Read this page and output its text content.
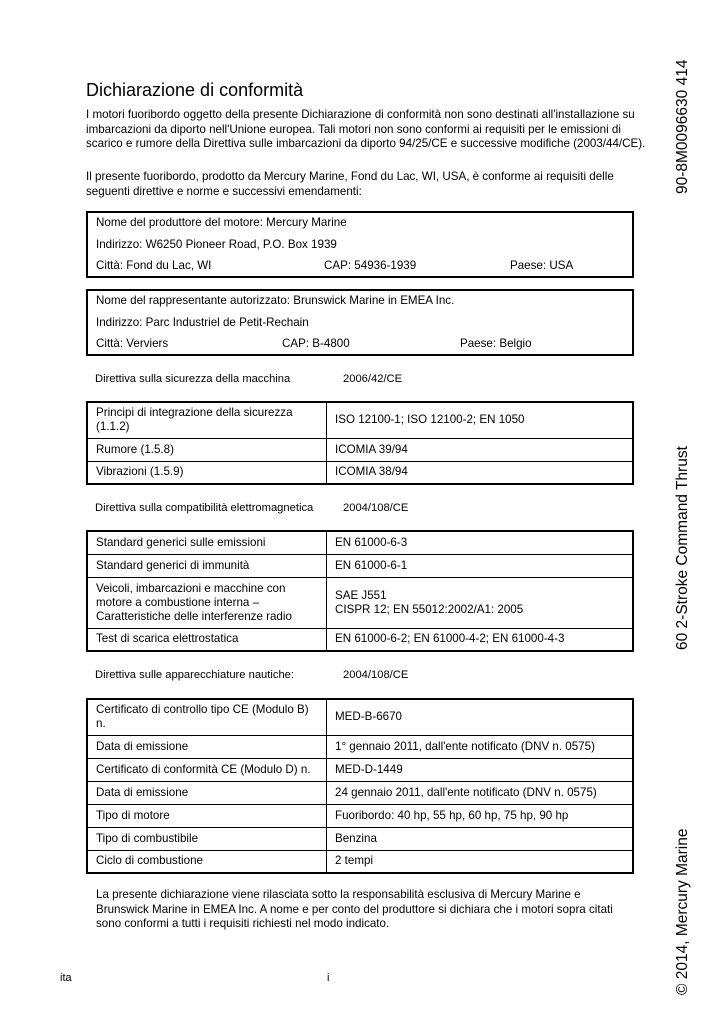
Dichiarazione di conformità
I motori fuoribordo oggetto della presente Dichiarazione di conformità non sono destinati all'installazione su imbarcazioni da diporto nell'Unione europea. Tali motori non sono conformi ai requisiti per le emissioni di scarico e rumore della Direttiva sulle imbarcazioni da diporto 94/25/CE e successive modifiche (2003/44/CE).
Il presente fuoribordo, prodotto da Mercury Marine, Fond du Lac, WI, USA, è conforme ai requisiti delle seguenti direttive e norme e successivi emendamenti:
Nome del produttore del motore: Mercury Marine
Indirizzo: W6250 Pioneer Road, P.O. Box 1939
Città: Fond du Lac, WI	CAP: 54936-1939	Paese: USA
Nome del rappresentante autorizzato: Brunswick Marine in EMEA Inc.
Indirizzo: Parc Industriel de Petit-Rechain
Città: Verviers	CAP: B-4800	Paese: Belgio
Direttiva sulla sicurezza della macchina	2006/42/CE
Principi di integrazione della sicurezza (1.1.2)	ISO 12100-1; ISO 12100-2; EN 1050
Rumore (1.5.8)	ICOMIA 39/94
Vibrazioni (1.5.9)	ICOMIA 38/94
Direttiva sulla compatibilità elettromagnetica	2004/108/CE
Standard generici sulle emissioni	EN 61000-6-3
Standard generici di immunità	EN 61000-6-1
Veicoli, imbarcazioni e macchine con motore a combustione interna – Caratteristiche delle interferenze radio	SAE J551
CISPR 12; EN 55012:2002/A1: 2005
Test di scarica elettrostatica	EN 61000-6-2; EN 61000-4-2; EN 61000-4-3
Direttiva sulle apparecchiature nautiche:	2004/108/CE
Certificato di controllo tipo CE (Modulo B) n.	MED-B-6670
Data di emissione	1° gennaio 2011, dall'ente notificato (DNV n. 0575)
Certificato di conformità CE (Modulo D) n.	MED-D-1449
Data di emissione	24 gennaio 2011, dall'ente notificato (DNV n. 0575)
Tipo di motore	Fuoribordo: 40 hp, 55 hp, 60 hp, 75 hp, 90 hp
Tipo di combustibile	Benzina
Ciclo di combustione	2 tempi
La presente dichiarazione viene rilasciata sotto la responsabilità esclusiva di Mercury Marine e Brunswick Marine in EMEA Inc. A nome e per conto del produttore si dichiara che i motori sopra citati sono conformi a tutti i requisiti richiesti nel modo indicato.
90-8M0096630 414
60 2-Stroke Command Thrust
© 2014, Mercury Marine
ita	i
